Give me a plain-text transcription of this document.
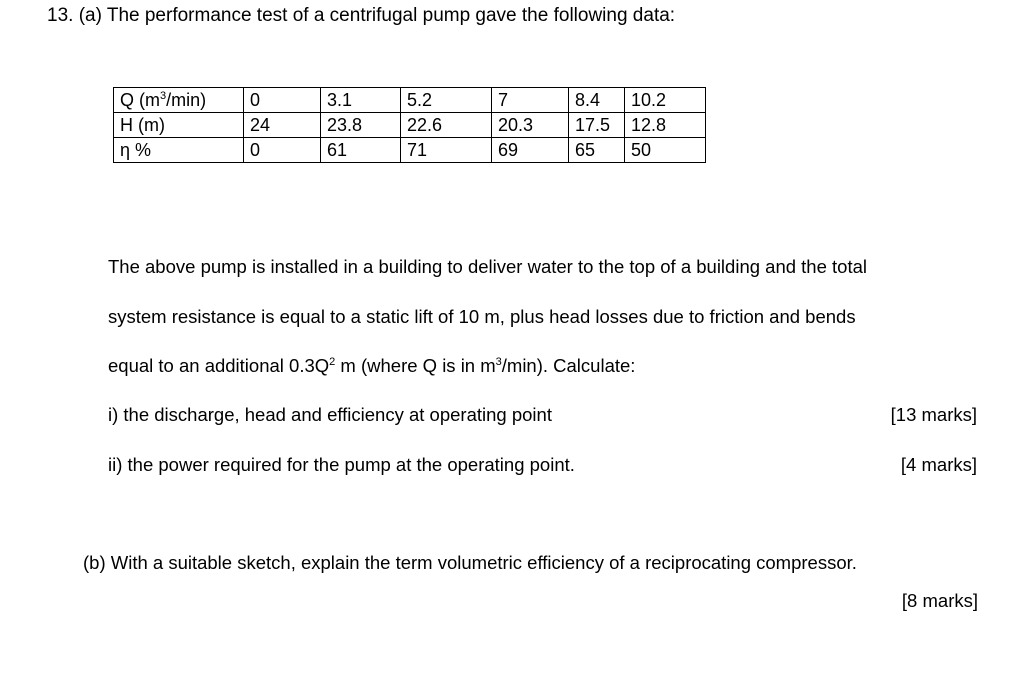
13. (a) The performance test of a centrifugal pump gave the following data:
Q $(m^3/\min)$	0	3.1	5.2	7	8.4	10.2
H (m)	24	23.8	22.6	20.3	17.5	12.8
η %	0	61	71	69	65	50
The above pump is installed in a building to deliver water to the top of a building and the total
system resistance is equal to a static lift of 10 m, plus head losses due to friction and bends
equal to an additional $0.3Q^2$ m (where Q is in $m^3/\min$). Calculate:
i) the discharge, head and efficiency at operating point	[13 marks]
ii) the power required for the pump at the operating point.	[4 marks]
(b) With a suitable sketch, explain the term volumetric efficiency of a reciprocating compressor.
[8 marks]
